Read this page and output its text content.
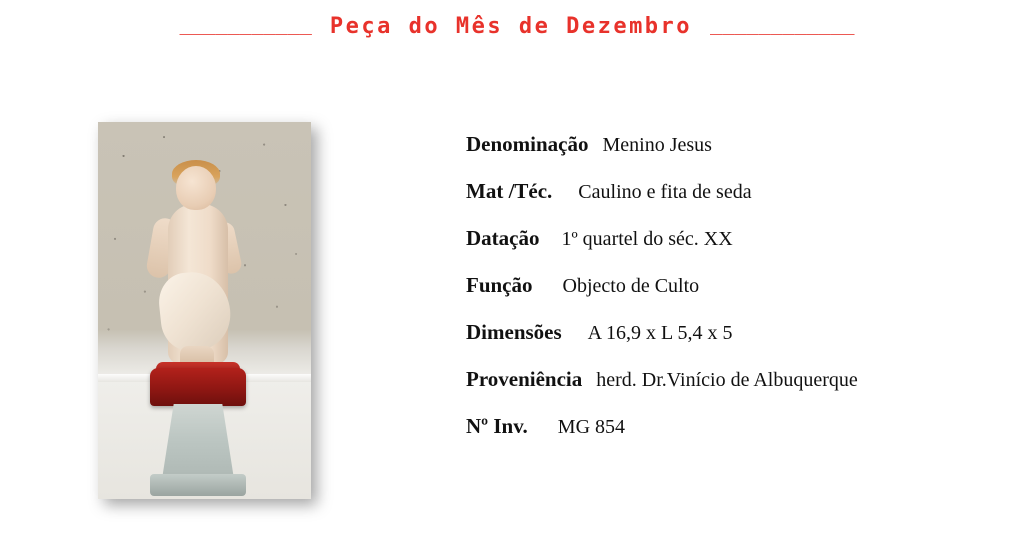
___________ Peça do Mês de Dezembro ____________
Denominação Menino Jesus
Mat /Téc. Caulino e fita de seda
Datação 1º quartel do séc. XX
Função Objecto de Culto
Dimensões A 16,9 x L 5,4 x 5
Proveniência herd. Dr.Vinício de Albuquerque
Nº Inv. MG 854
